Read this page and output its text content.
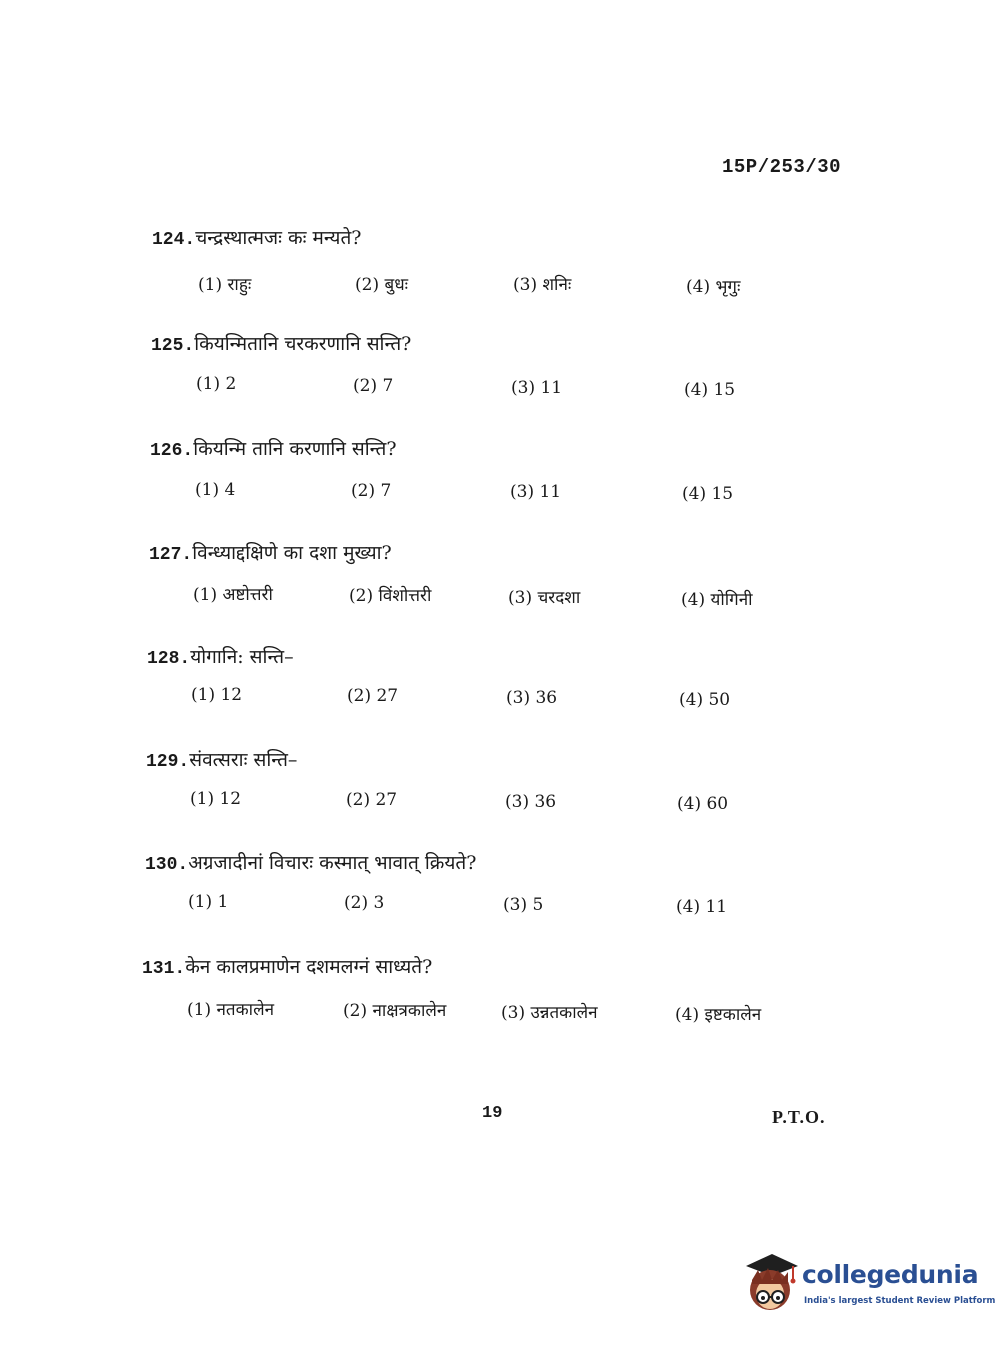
15P/253/30
124.चन्द्रस्थात्मजः कः मन्यते?
(1) राहुः	(2) बुधः	(3) शनिः	(4) भृगुः
125.कियन्मितानि चरकरणानि सन्ति?
(1) 2	(2) 7	(3) 11	(4) 15
126.कियन्मि तानि करणानि सन्ति?
(1) 4	(2) 7	(3) 11	(4) 15
127.विन्ध्याद्दक्षिणे का दशा मुख्या?
(1) अष्टोत्तरी	(2) विंशोत्तरी	(3) चरदशा	(4) योगिनी
128.योगानि: सन्ति–
(1) 12	(2) 27	(3) 36	(4) 50
129.संवत्सराः सन्ति–
(1) 12	(2) 27	(3) 36	(4) 60
130.अग्रजादीनां विचारः कस्मात् भावात् क्रियते?
(1) 1	(2) 3	(3) 5	(4) 11
131.केन कालप्रमाणेन दशमलग्नं साध्यते?
(1) नतकालेन	(2) नाक्षत्रकालेन	(3) उन्नतकालेन	(4) इष्टकालेन
19	P.T.O.
collegedunia
India's largest Student Review Platform
